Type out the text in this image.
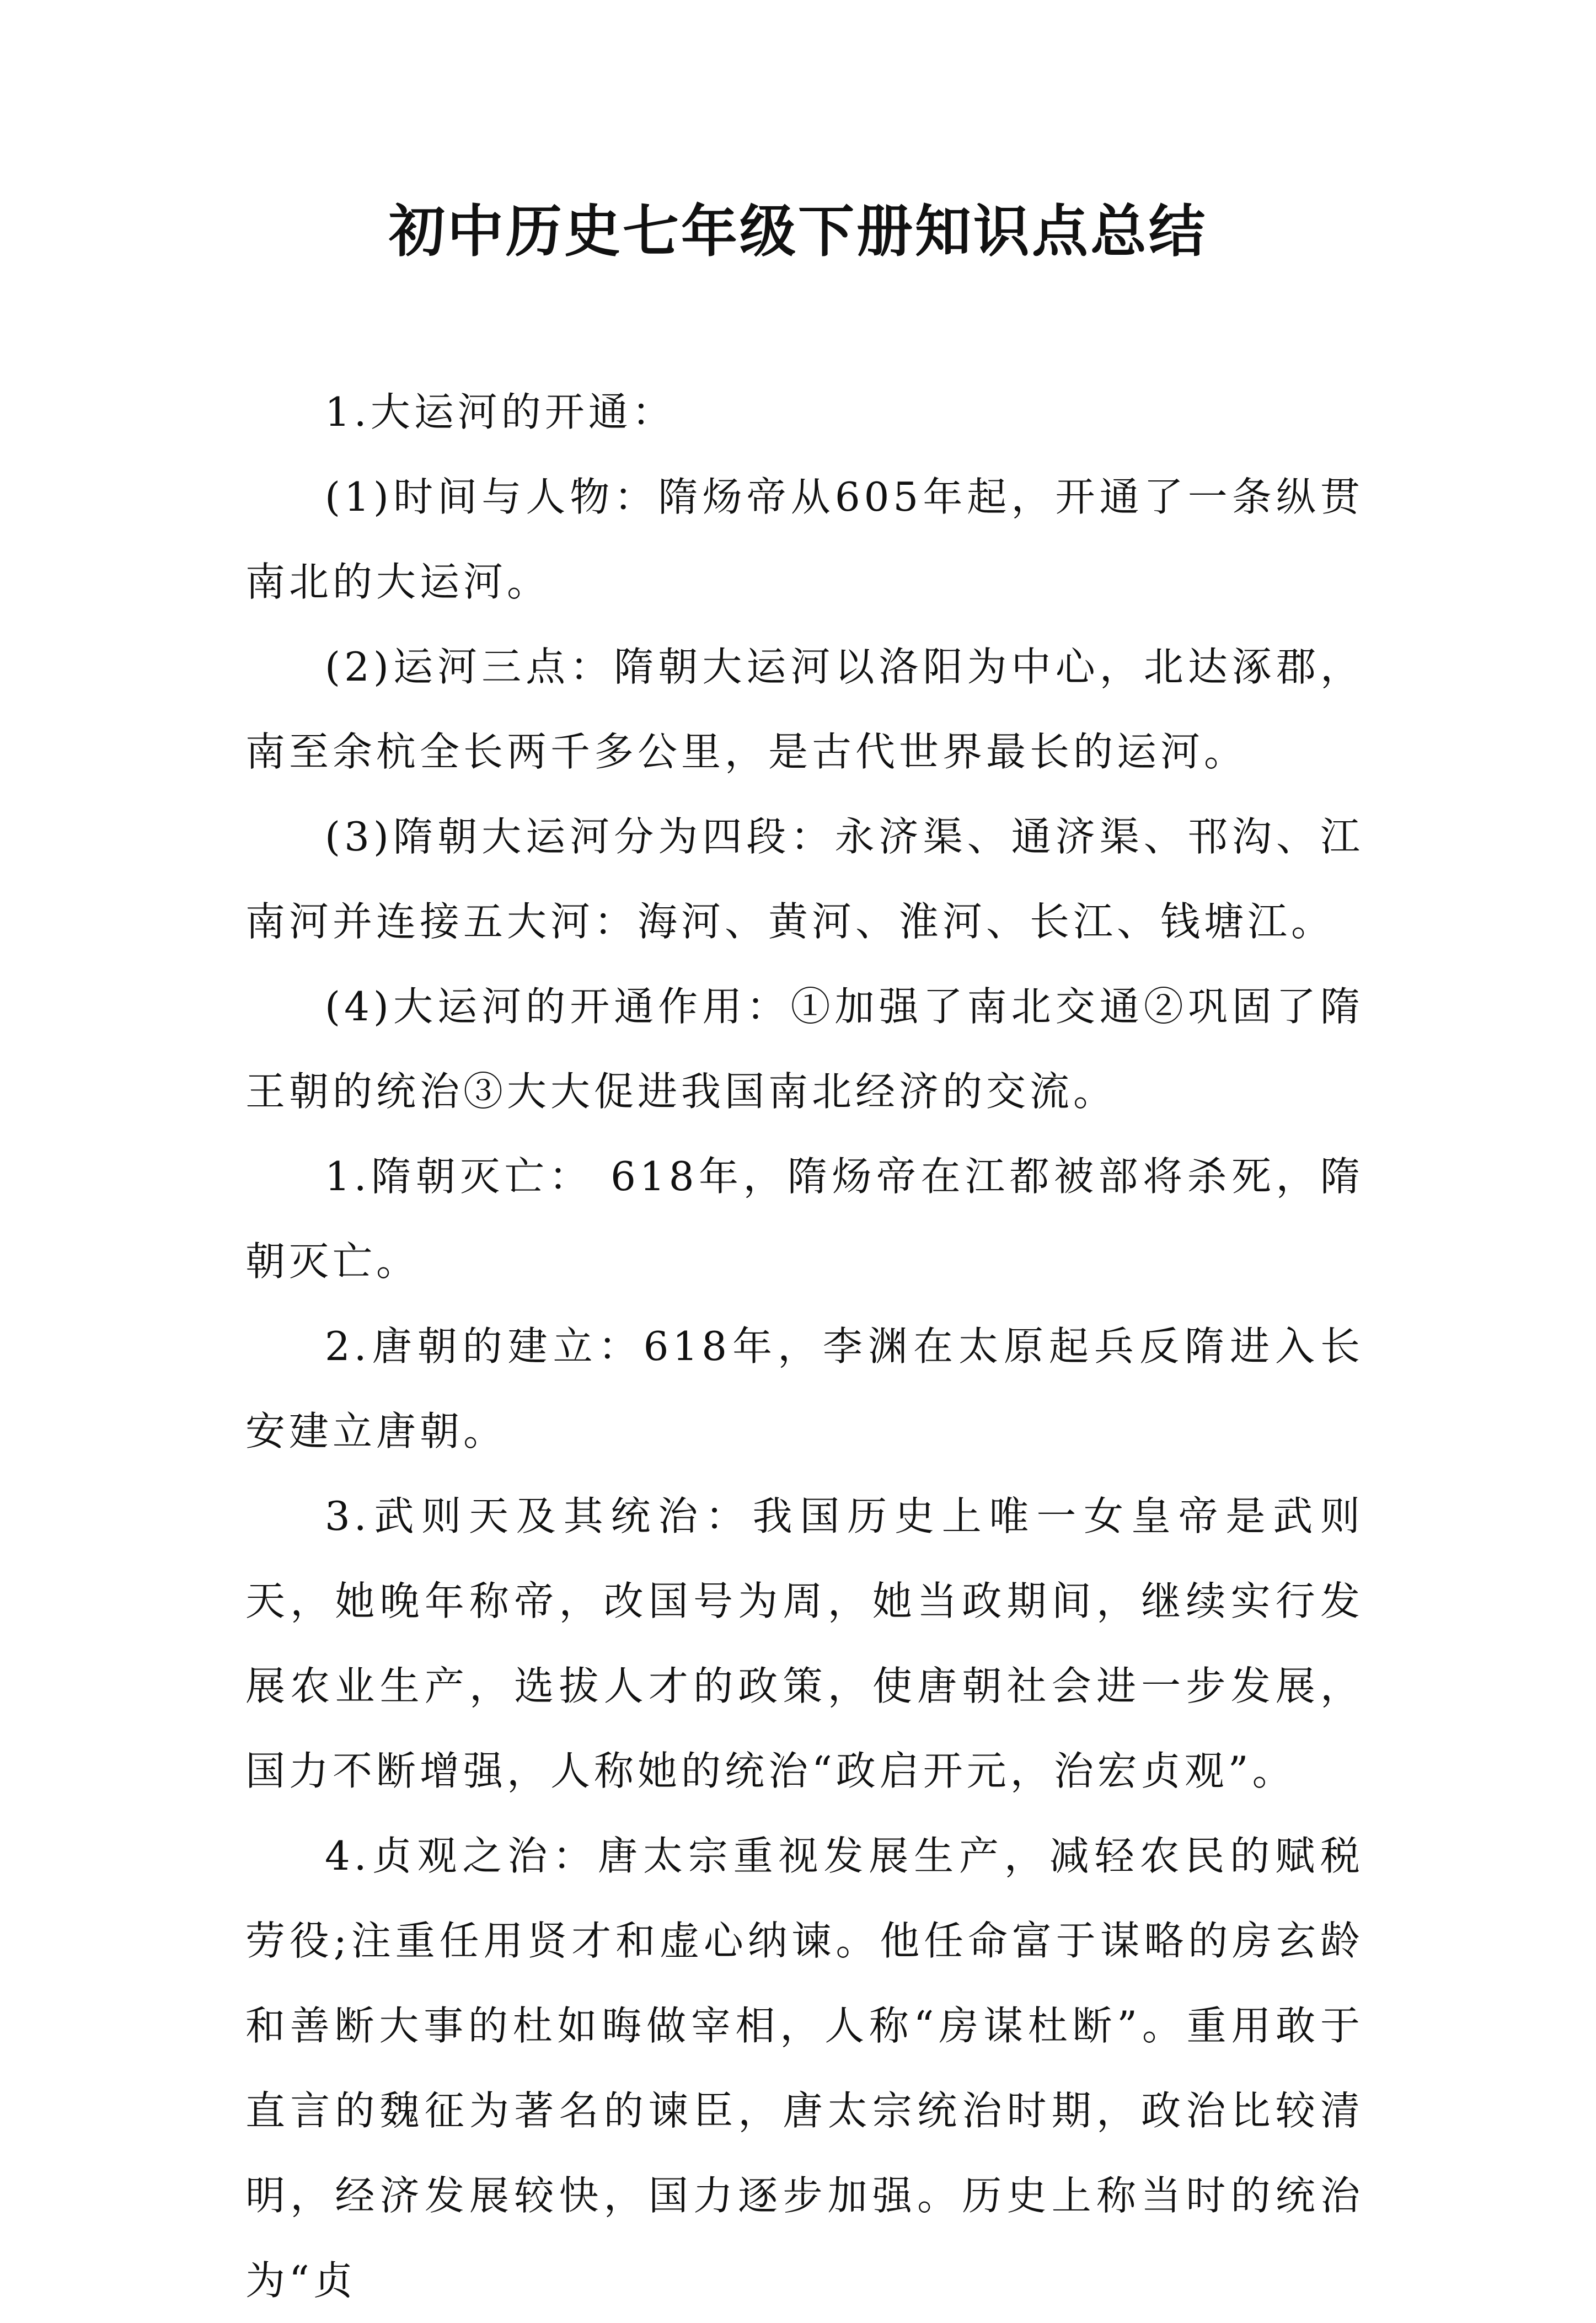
初中历史七年级下册知识点总结

1.大运河的开通：

(1)时间与人物：隋炀帝从605年起，开通了一条纵贯南北的大运河。

(2)运河三点：隋朝大运河以洛阳为中心，北达涿郡，南至余杭全长两千多公里，是古代世界最长的运河。

(3)隋朝大运河分为四段：永济渠、通济渠、邗沟、江南河并连接五大河：海河、黄河、淮河、长江、钱塘江。

(4)大运河的开通作用：①加强了南北交通②巩固了隋王朝的统治③大大促进我国南北经济的交流。

1.隋朝灭亡： 618年，隋炀帝在江都被部将杀死，隋朝灭亡。

2.唐朝的建立：618年，李渊在太原起兵反隋进入长安建立唐朝。

3.武则天及其统治：我国历史上唯一女皇帝是武则天，她晚年称帝，改国号为周，她当政期间，继续实行发展农业生产，选拔人才的政策，使唐朝社会进一步发展，国力不断增强，人称她的统治“政启开元，治宏贞观”。

4.贞观之治：唐太宗重视发展生产，减轻农民的赋税劳役;注重任用贤才和虚心纳谏。他任命富于谋略的房玄龄和善断大事的杜如晦做宰相，人称“房谋杜断”。重用敢于直言的魏征为著名的谏臣，唐太宗统治时期，政治比较清明，经济发展较快，国力逐步加强。历史上称当时的统治为“贞
